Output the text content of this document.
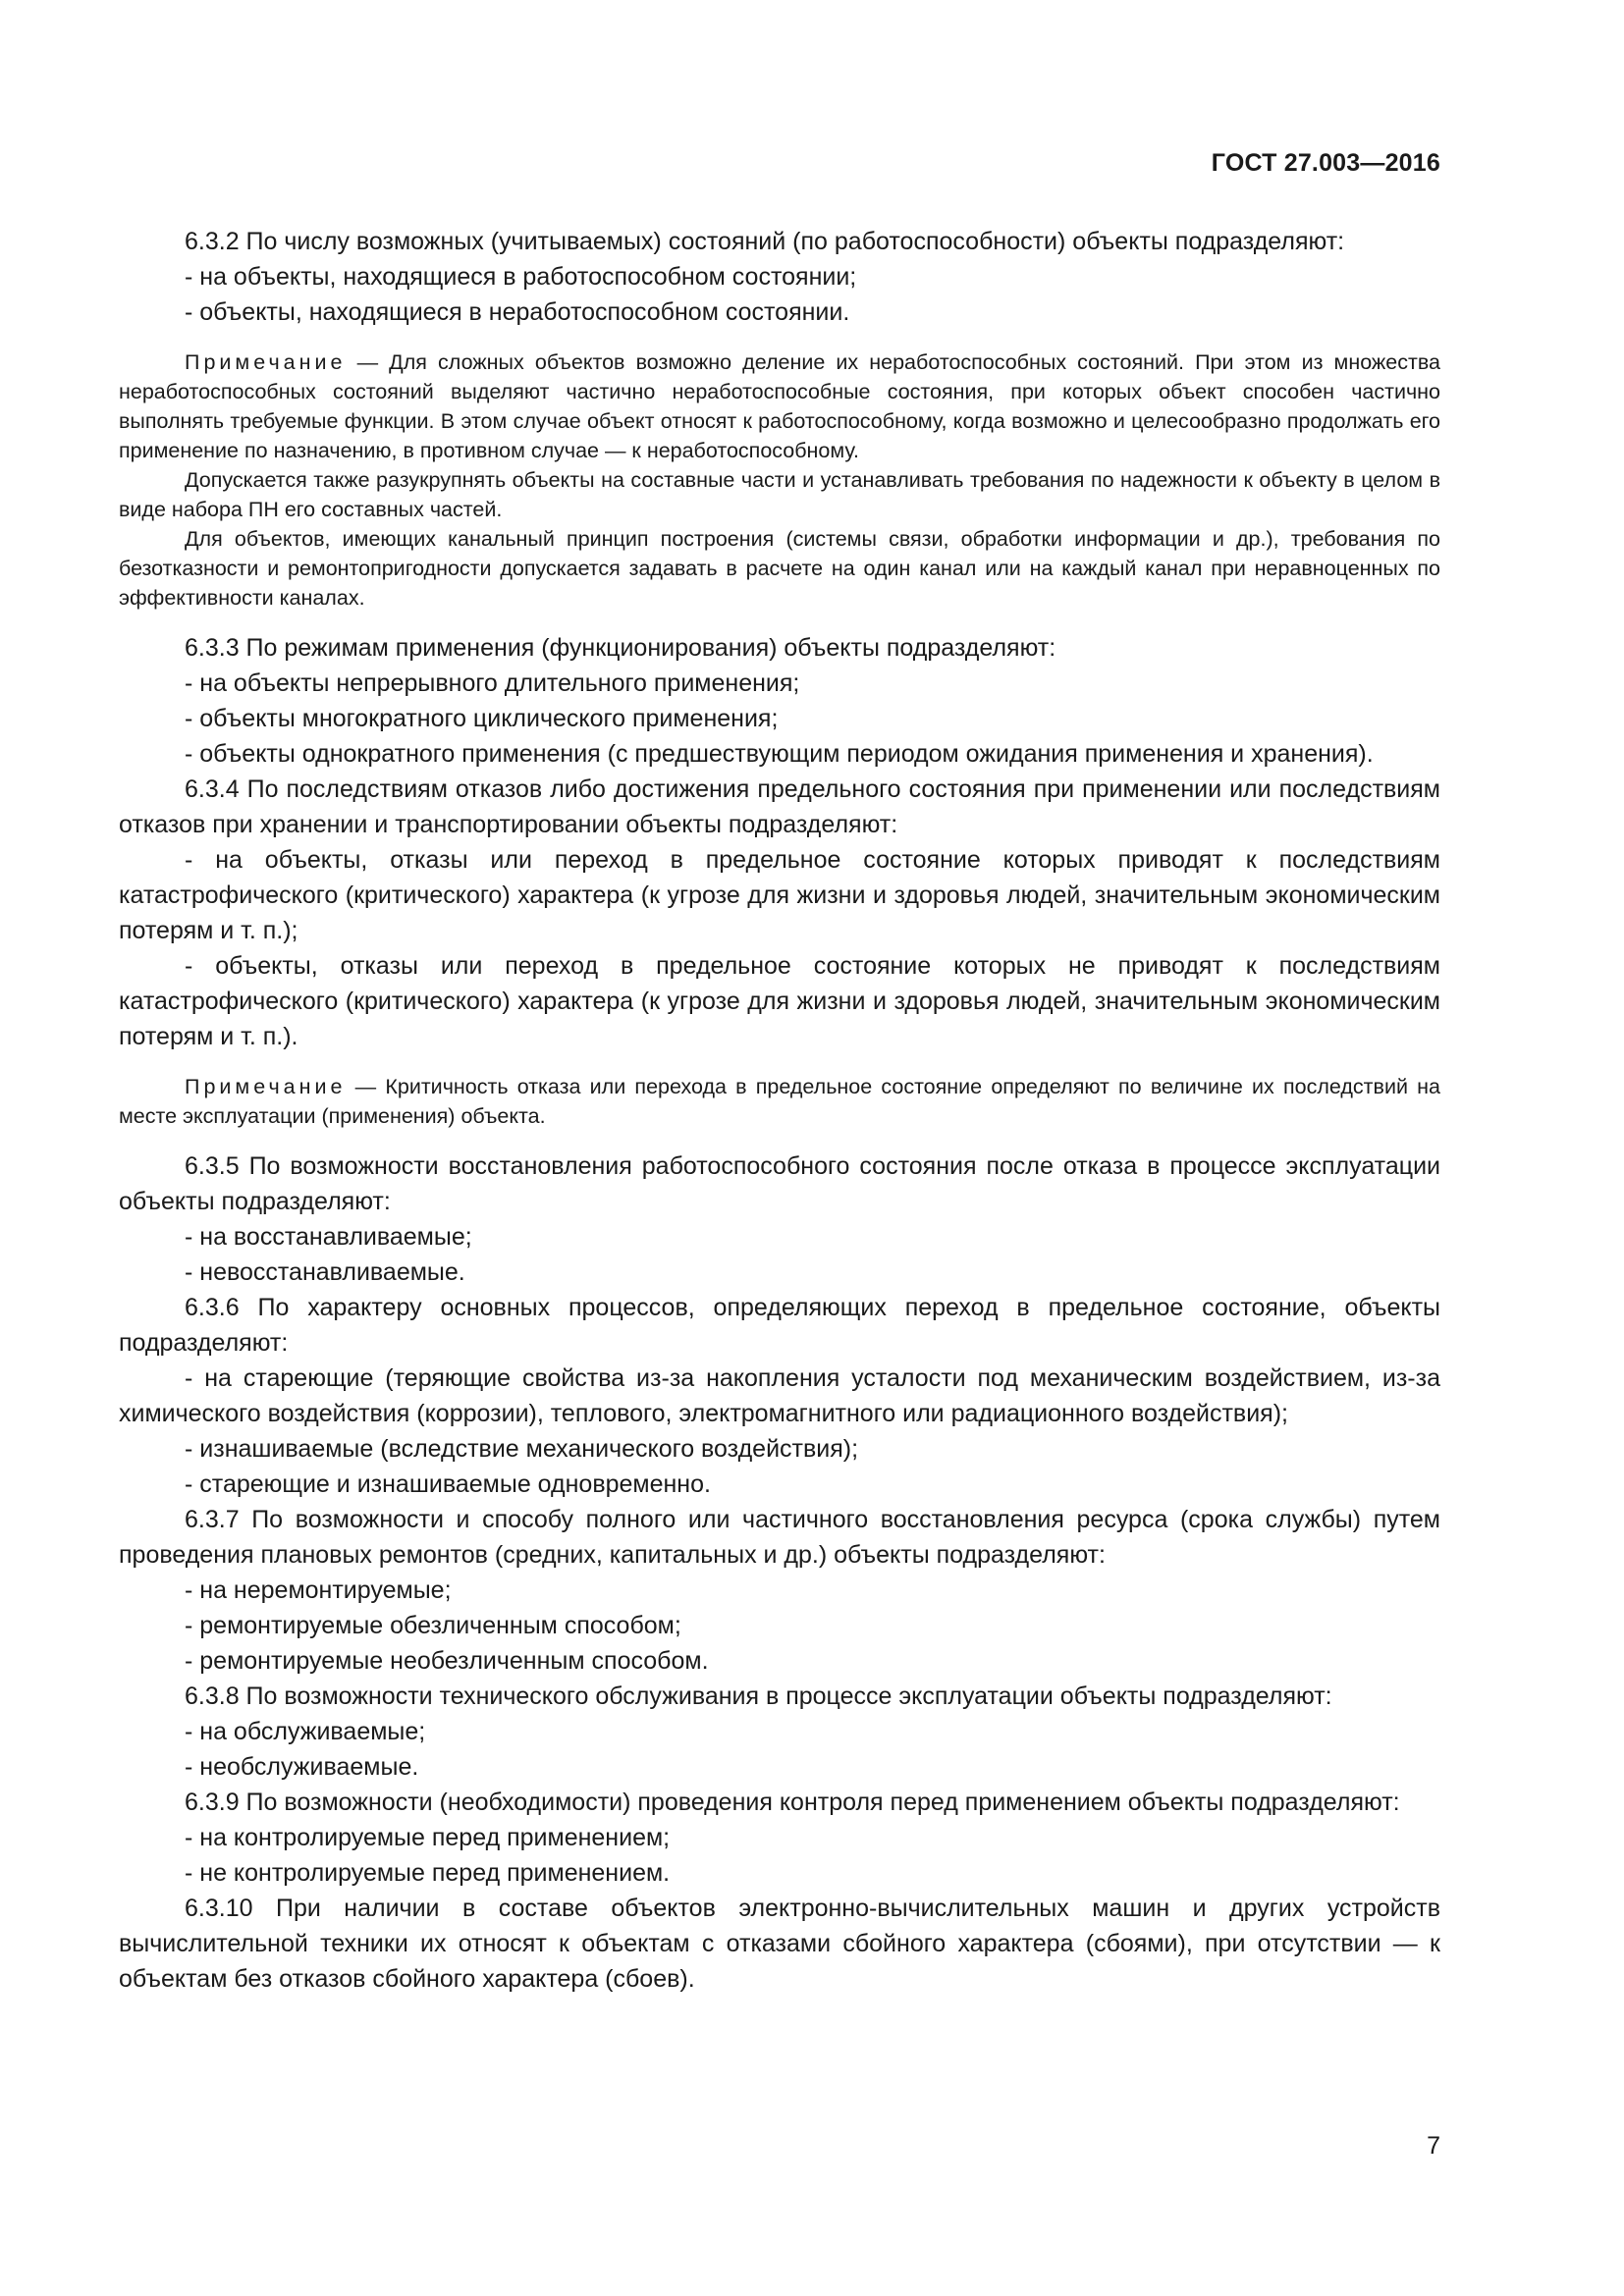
ГОСТ 27.003—2016

6.3.2 По числу возможных (учитываемых) состояний (по работоспособности) объекты подразделяют:

- на объекты, находящиеся в работоспособном состоянии;

- объекты, находящиеся в неработоспособном состоянии.

Примечание — Для сложных объектов возможно деление их неработоспособных состояний. При этом из множества неработоспособных состояний выделяют частично неработоспособные состояния, при которых объект способен частично выполнять требуемые функции. В этом случае объект относят к работоспособному, когда возможно и целесообразно продолжать его применение по назначению, в противном случае — к неработоспособному.

Допускается также разукрупнять объекты на составные части и устанавливать требования по надежности к объекту в целом в виде набора ПН его составных частей.

Для объектов, имеющих канальный принцип построения (системы связи, обработки информации и др.), требования по безотказности и ремонтопригодности допускается задавать в расчете на один канал или на каждый канал при неравноценных по эффективности каналах.

6.3.3 По режимам применения (функционирования) объекты подразделяют:

- на объекты непрерывного длительного применения;

- объекты многократного циклического применения;

- объекты однократного применения (с предшествующим периодом ожидания применения и хранения).

6.3.4 По последствиям отказов либо достижения предельного состояния при применении или последствиям отказов при хранении и транспортировании объекты подразделяют:

- на объекты, отказы или переход в предельное состояние которых приводят к последствиям катастрофического (критического) характера (к угрозе для жизни и здоровья людей, значительным экономическим потерям и т. п.);

- объекты, отказы или переход в предельное состояние которых не приводят к последствиям катастрофического (критического) характера (к угрозе для жизни и здоровья людей, значительным экономическим потерям и т. п.).

Примечание — Критичность отказа или перехода в предельное состояние определяют по величине их последствий на месте эксплуатации (применения) объекта.

6.3.5 По возможности восстановления работоспособного состояния после отказа в процессе эксплуатации объекты подразделяют:

- на восстанавливаемые;

- невосстанавливаемые.

6.3.6 По характеру основных процессов, определяющих переход в предельное состояние, объекты подразделяют:

- на стареющие (теряющие свойства из-за накопления усталости под механическим воздействием, из-за химического воздействия (коррозии), теплового, электромагнитного или радиационного воздействия);

- изнашиваемые (вследствие механического воздействия);

- стареющие и изнашиваемые одновременно.

6.3.7 По возможности и способу полного или частичного восстановления ресурса (срока службы) путем проведения плановых ремонтов (средних, капитальных и др.) объекты подразделяют:

- на неремонтируемые;

- ремонтируемые обезличенным способом;

- ремонтируемые необезличенным способом.

6.3.8 По возможности технического обслуживания в процессе эксплуатации объекты подразделяют:

- на обслуживаемые;

- необслуживаемые.

6.3.9 По возможности (необходимости) проведения контроля перед применением объекты подразделяют:

- на контролируемые перед применением;

- не контролируемые перед применением.

6.3.10 При наличии в составе объектов электронно-вычислительных машин и других устройств вычислительной техники их относят к объектам с отказами сбойного характера (сбоями), при отсутствии — к объектам без отказов сбойного характера (сбоев).

7
